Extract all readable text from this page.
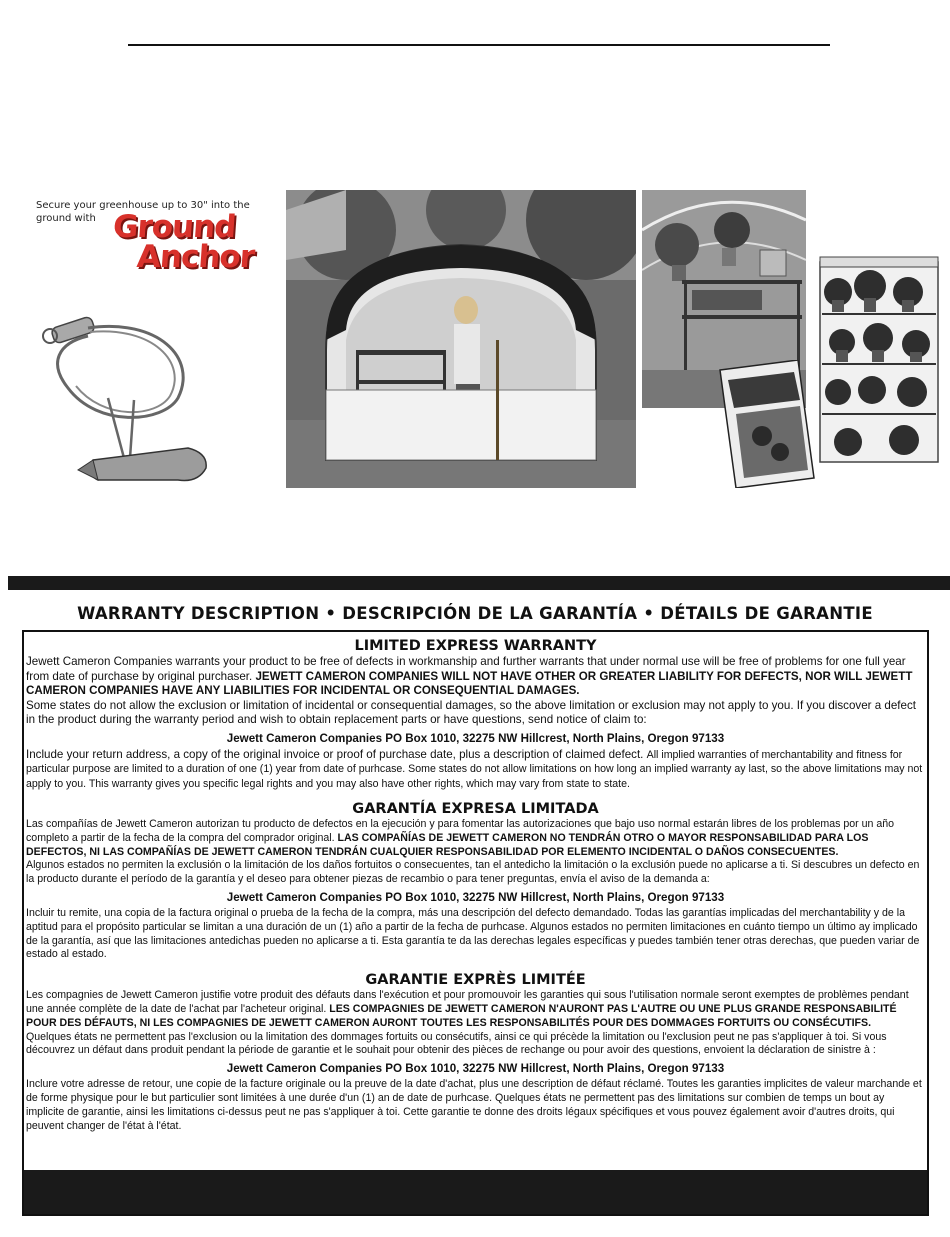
Secure your greenhouse up to 30" into the ground with Ground
Anchor
WARRANTY DESCRIPTION • DESCRIPCIÓN DE LA GARANTÍA • DÉTAILS DE GARANTIE
LIMITED EXPRESS WARRANTY

Jewett Cameron Companies warrants your product to be free of defects in workmanship and further warrants that under normal use will be free of problems for one full year from date of purchase by original purchaser. JEWETT CAMERON COMPANIES WILL NOT HAVE OTHER OR GREATER LIABILITY FOR DEFECTS, NOR WILL JEWETT CAMERON COMPANIES HAVE ANY LIABILITIES FOR INCIDENTAL OR CONSEQUENTIAL DAMAGES.

Some states do not allow the exclusion or limitation of incidental or consequential damages, so the above limitation or exclusion may not apply to you. If you discover a defect in the product during the warranty period and wish to obtain replacement parts or have questions, send notice of claim to:

Jewett Cameron Companies PO Box 1010, 32275 NW Hillcrest, North Plains, Oregon 97133

Include your return address, a copy of the original invoice or proof of purchase date, plus a description of claimed defect. All implied warranties of merchantability and fitness for particular purpose are limited to a duration of one (1) year from date of purhcase. Some states do not allow limitations on how long an implied warranty ay last, so the above limitations may not apply to you. This warranty gives you specific legal rights and you may also have other rights, which may vary from state to state.

GARANTÍA EXPRESA LIMITADA

Las compañías de Jewett Cameron autorizan tu producto de defectos en la ejecución y para fomentar las autorizaciones que bajo uso normal estarán libres de los problemas por un año completo a partir de la fecha de la compra del comprador original. LAS COMPAÑÍAS DE JEWETT CAMERON NO TENDRÁN OTRO O MAYOR RESPONSABILIDAD PARA LOS DEFECTOS, NI LAS COMPAÑÍAS DE JEWETT CAMERON TENDRÁN CUALQUIER RESPONSABILIDAD POR ELEMENTO INCIDENTAL O DAÑOS CONSECUENTES.

Algunos estados no permiten la exclusión o la limitación de los daños fortuitos o consecuentes, tan el antedicho la limitación o la exclusión puede no aplicarse a ti. Si descubres un defecto en la producto durante el período de la garantía y el deseo para obtener piezas de recambio o para tener preguntas, envía el aviso de la demanda a:

Jewett Cameron Companies PO Box 1010, 32275 NW Hillcrest, North Plains, Oregon 97133

Incluir tu remite, una copia de la factura original o prueba de la fecha de la compra, más una descripción del defecto demandado. Todas las garantías implicadas del merchantability y de la aptitud para el propósito particular se limitan a una duración de un (1) año a partir de la fecha de purhcase. Algunos estados no permiten limitaciones en cuánto tiempo un último ay implicado de la garantía, así que las limitaciones antedichas pueden no aplicarse a ti. Esta garantía te da las derechas legales específicas y puedes también tener otras derechas, que pueden variar de estado al estado.

GARANTIE EXPRÈS LIMITÉE

Les compagnies de Jewett Cameron justifie votre produit des défauts dans l'exécution et pour promouvoir les garanties qui sous l'utilisation normale seront exemptes de problèmes pendant une année complète de la date de l'achat par l'acheteur original. LES COMPAGNIES DE JEWETT CAMERON N'AURONT PAS L'AUTRE OU UNE PLUS GRANDE RESPONSABILITÉ POUR DES DÉFAUTS, NI LES COMPAGNIES DE JEWETT CAMERON AURONT TOUTES LES RESPONSABILITÉS POUR DES DOMMAGES FORTUITS OU CONSÉCUTIFS.

Quelques états ne permettent pas l'exclusion ou la limitation des dommages fortuits ou consécutifs, ainsi ce qui précède la limitation ou l'exclusion peut ne pas s'appliquer à toi. Si vous découvrez un défaut dans produit pendant la période de garantie et le souhait pour obtenir des pièces de rechange ou pour avoir des questions, envoient la déclaration de sinistre à :

Jewett Cameron Companies PO Box 1010, 32275 NW Hillcrest, North Plains, Oregon 97133

Inclure votre adresse de retour, une copie de la facture originale ou la preuve de la date d'achat, plus une description de défaut réclamé. Toutes les garanties implicites de valeur marchande et de forme physique pour le but particulier sont limitées à une durée d'un (1) an de date de purhcase. Quelques états ne permettent pas des limitations sur combien de temps un bout ay implicite de garantie, ainsi les limitations ci-dessus peut ne pas s'appliquer à toi. Cette garantie te donne des droits légaux spécifiques et vous pouvez également avoir d'autres droits, qui peuvent changer de l'état à l'état.
